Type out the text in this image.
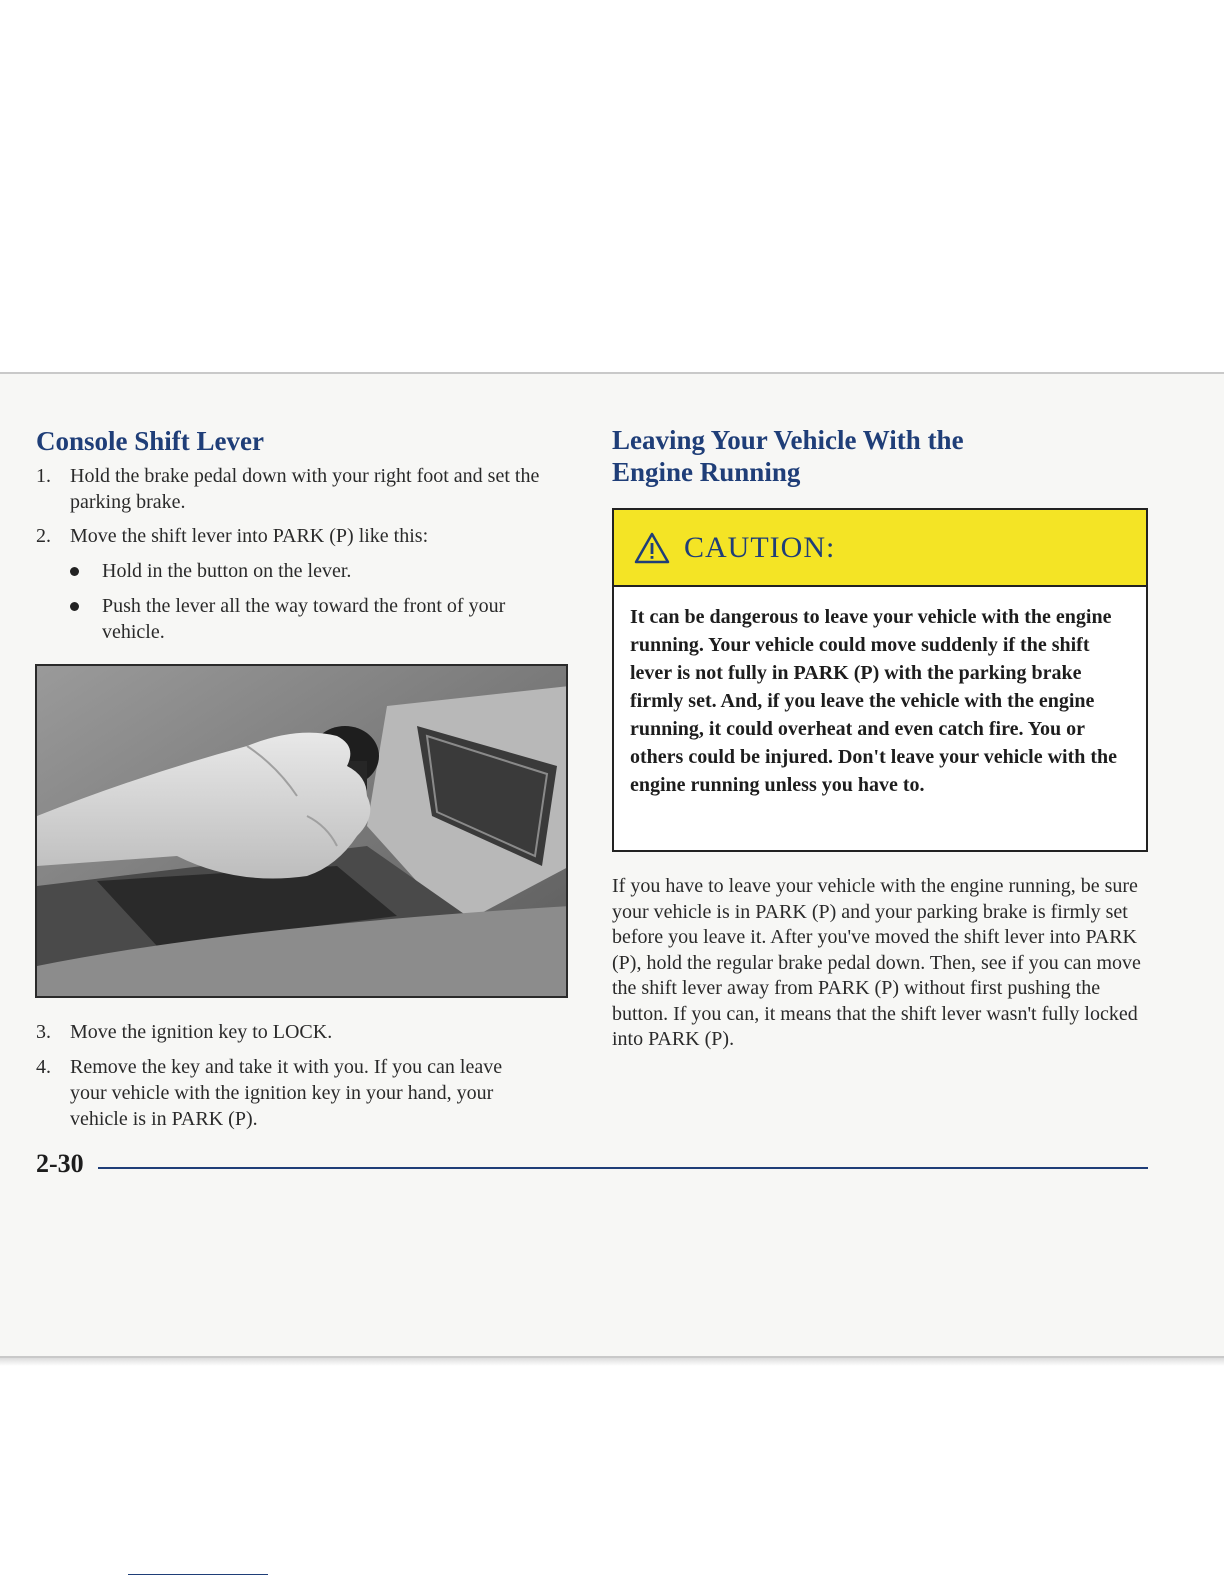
Console Shift Lever
1. Hold the brake pedal down with your right foot and set the parking brake.
2. Move the shift lever into PARK (P) like this:
Hold in the button on the lever.
Push the lever all the way toward the front of your vehicle.
3. Move the ignition key to LOCK.
4. Remove the key and take it with you. If you can leave your vehicle with the ignition key in your hand, your vehicle is in PARK (P).
Leaving Your Vehicle With the Engine Running
CAUTION:
It can be dangerous to leave your vehicle with the engine running. Your vehicle could move suddenly if the shift lever is not fully in PARK (P) with the parking brake firmly set. And, if you leave the vehicle with the engine running, it could overheat and even catch fire. You or others could be injured. Don't leave your vehicle with the engine running unless you have to.
If you have to leave your vehicle with the engine running, be sure your vehicle is in PARK (P) and your parking brake is firmly set before you leave it. After you've moved the shift lever into PARK (P), hold the regular brake pedal down. Then, see if you can move the shift lever away from PARK (P) without first pushing the button. If you can, it means that the shift lever wasn't fully locked into PARK (P).
2-30
